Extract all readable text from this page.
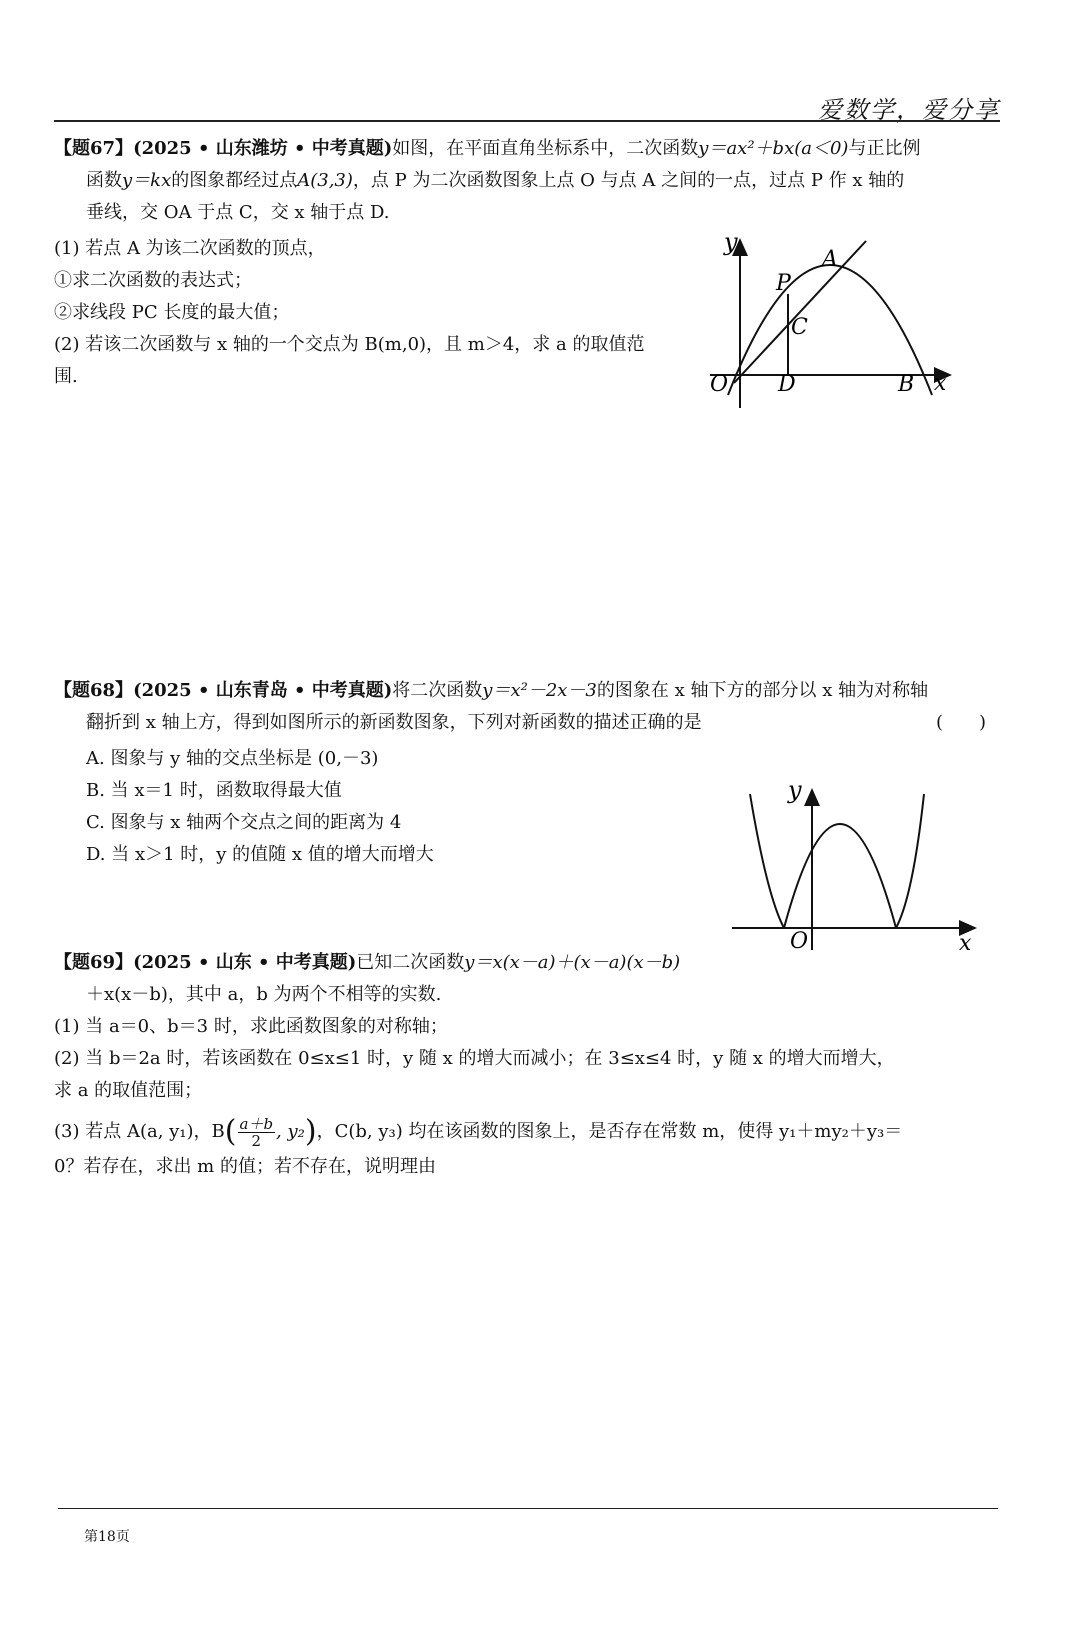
爱数学，爱分享
【题67】(2025 • 山东潍坊 • 中考真题)如图，在平面直角坐标系中，二次函数y＝ax²＋bx(a＜0)与正比例
函数y＝kx的图象都经过点A(3,3)，点 P 为二次函数图象上点 O 与点 A 之间的一点，过点 P 作 x 轴的
垂线，交 OA 于点 C，交 x 轴于点 D.
(1) 若点 A 为该二次函数的顶点，
①求二次函数的表达式；
②求线段 PC 长度的最大值；
(2) 若该二次函数与 x 轴的一个交点为 B(m,0)，且 m＞4，求 a 的取值范
围.
y
x
A
P
C
O D	B
【题68】(2025 • 山东青岛 • 中考真题)将二次函数y＝x²－2x－3的图象在 x 轴下方的部分以 x 轴为对称轴
翻折到 x 轴上方，得到如图所示的新函数图象，下列对新函数的描述正确的是	(　　)
A. 图象与 y 轴的交点坐标是 (0,－3)
B. 当 x＝1 时，函数取得最大值
C. 图象与 x 轴两个交点之间的距离为 4
D. 当 x＞1 时，y 的值随 x 值的增大而增大
y
x
O
【题69】(2025 • 山东 • 中考真题)已知二次函数y＝x(x－a)＋(x－a)(x－b)
＋x(x－b)，其中 a，b 为两个不相等的实数.
(1) 当 a＝0、b＝3 时，求此函数图象的对称轴；
(2) 当 b＝2a 时，若该函数在 0≤x≤1 时，y 随 x 的增大而减小；在 3≤x≤4 时，y 随 x 的增大而增大，
求 a 的取值范围；
(3) 若点 A(a, y₁)，$B( \frac{a+b}{2}$ , y₂)，C(b, y₃) 均在该函数的图象上，是否存在常数 m，使得 y₁＋my₂＋y₃＝
0？若存在，求出 m 的值；若不存在，说明理由
第18页
